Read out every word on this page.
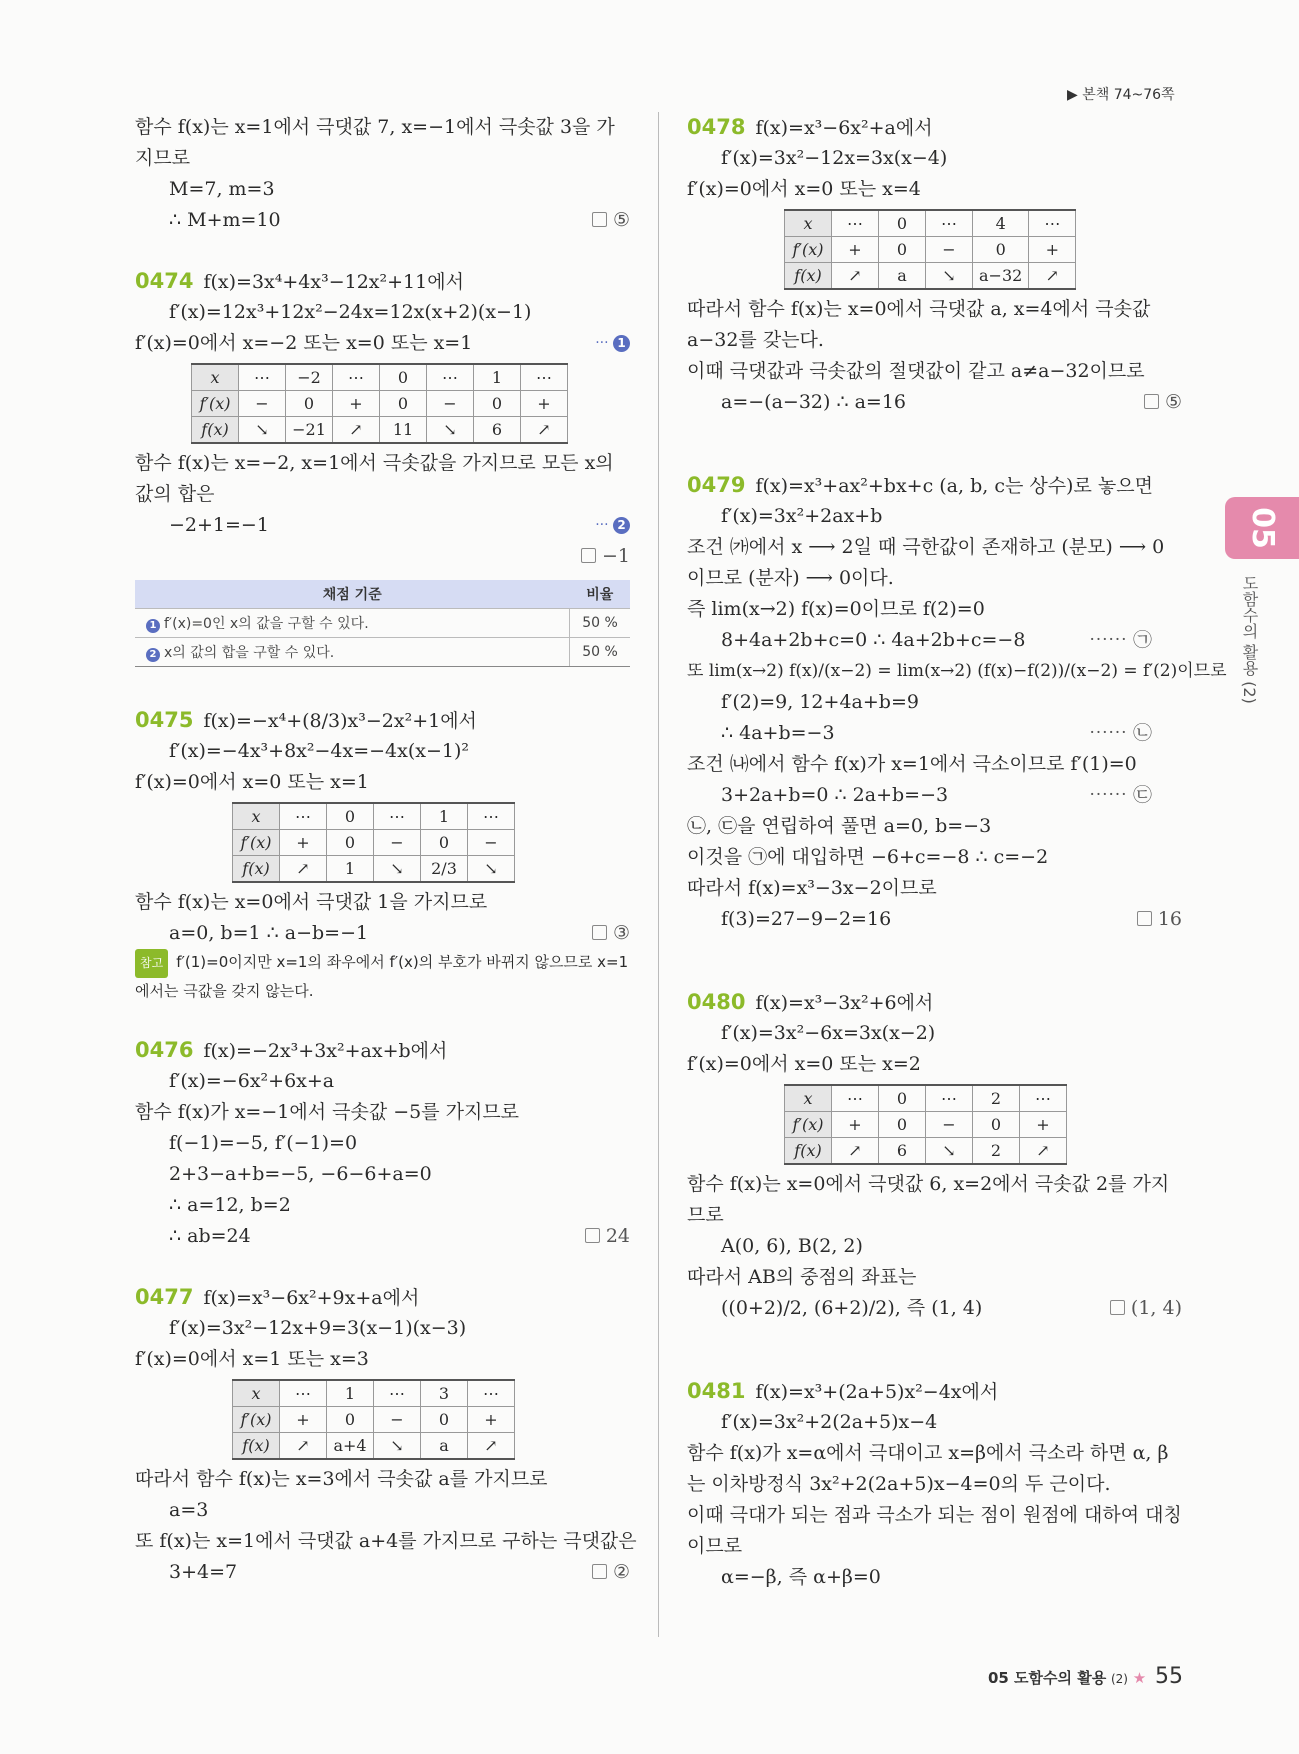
▶ 본책 74~76쪽
05
도함수의 활용 (2)
함수 f(x)는 x=1에서 극댓값 7, x=−1에서 극솟값 3을 가지므로
M=7, m=3
∴ M+m=10	⑤
0474 f(x)=3x⁴+4x³−12x²+11에서
f′(x)=12x³+12x²−24x=12x(x+2)(x−1)
f′(x)=0에서 x=−2 또는 x=0 또는 x=1	··· 1
x	⋯	−2	⋯	0	⋯	1	⋯
f′(x)	−	0	+	0	−	0	+
f(x)	↘	−21	↗	11	↘	6	↗
함수 f(x)는 x=−2, x=1에서 극솟값을 가지므로 모든 x의 값의 합은
−2+1=−1	··· 2
−1
채점 기준	비율
1 f′(x)=0인 x의 값을 구할 수 있다.	50 %
2 x의 값의 합을 구할 수 있다.	50 %
0475 f(x)=−x⁴+(8/3)x³−2x²+1에서
f′(x)=−4x³+8x²−4x=−4x(x−1)²
f′(x)=0에서 x=0 또는 x=1
x	⋯	0	⋯	1	⋯
f′(x)	+	0	−	0	−
f(x)	↗	1	↘	2/3	↘
함수 f(x)는 x=0에서 극댓값 1을 가지므로
a=0, b=1 ∴ a−b=−1	③
참고 f′(1)=0이지만 x=1의 좌우에서 f′(x)의 부호가 바뀌지 않으므로 x=1에서는 극값을 갖지 않는다.
0476 f(x)=−2x³+3x²+ax+b에서
f′(x)=−6x²+6x+a
함수 f(x)가 x=−1에서 극솟값 −5를 가지므로
f(−1)=−5, f′(−1)=0
2+3−a+b=−5, −6−6+a=0
∴ a=12, b=2
∴ ab=24	24
0477 f(x)=x³−6x²+9x+a에서
f′(x)=3x²−12x+9=3(x−1)(x−3)
f′(x)=0에서 x=1 또는 x=3
x	⋯	1	⋯	3	⋯
f′(x)	+	0	−	0	+
f(x)	↗	a+4	↘	a	↗
따라서 함수 f(x)는 x=3에서 극솟값 a를 가지므로
a=3
또 f(x)는 x=1에서 극댓값 a+4를 가지므로 구하는 극댓값은
3+4=7	②
0478 f(x)=x³−6x²+a에서
f′(x)=3x²−12x=3x(x−4)
f′(x)=0에서 x=0 또는 x=4
x	⋯	0	⋯	4	⋯
f′(x)	+	0	−	0	+
f(x)	↗	a	↘	a−32	↗
따라서 함수 f(x)는 x=0에서 극댓값 a, x=4에서 극솟값 a−32를 갖는다.
이때 극댓값과 극솟값의 절댓값이 같고 a≠a−32이므로
a=−(a−32) ∴ a=16	⑤
0479 f(x)=x³+ax²+bx+c (a, b, c는 상수)로 놓으면
f′(x)=3x²+2ax+b
조건 ㈎에서 x ⟶ 2일 때 극한값이 존재하고 (분모) ⟶ 0이므로 (분자) ⟶ 0이다.
즉 lim(x→2) f(x)=0이므로 f(2)=0
8+4a+2b+c=0 ∴ 4a+2b+c=−8	⋯⋯ ㉠
또 lim(x→2) f(x)/(x−2) = lim(x→2) (f(x)−f(2))/(x−2) = f′(2)이므로
f′(2)=9, 12+4a+b=9
∴ 4a+b=−3	⋯⋯ ㉡
조건 ㈏에서 함수 f(x)가 x=1에서 극소이므로 f′(1)=0
3+2a+b=0 ∴ 2a+b=−3	⋯⋯ ㉢
㉡, ㉢을 연립하여 풀면 a=0, b=−3
이것을 ㉠에 대입하면 −6+c=−8 ∴ c=−2
따라서 f(x)=x³−3x−2이므로
f(3)=27−9−2=16	16
0480 f(x)=x³−3x²+6에서
f′(x)=3x²−6x=3x(x−2)
f′(x)=0에서 x=0 또는 x=2
x	⋯	0	⋯	2	⋯
f′(x)	+	0	−	0	+
f(x)	↗	6	↘	2	↗
함수 f(x)는 x=0에서 극댓값 6, x=2에서 극솟값 2를 가지므로
A(0, 6), B(2, 2)
따라서 AB의 중점의 좌표는
((0+2)/2, (6+2)/2), 즉 (1, 4)	(1, 4)
0481 f(x)=x³+(2a+5)x²−4x에서
f′(x)=3x²+2(2a+5)x−4
함수 f(x)가 x=α에서 극대이고 x=β에서 극소라 하면 α, β는 이차방정식 3x²+2(2a+5)x−4=0의 두 근이다.
이때 극대가 되는 점과 극소가 되는 점이 원점에 대하여 대칭이므로
α=−β, 즉 α+β=0
05 도함수의 활용 (2) ★ 55
